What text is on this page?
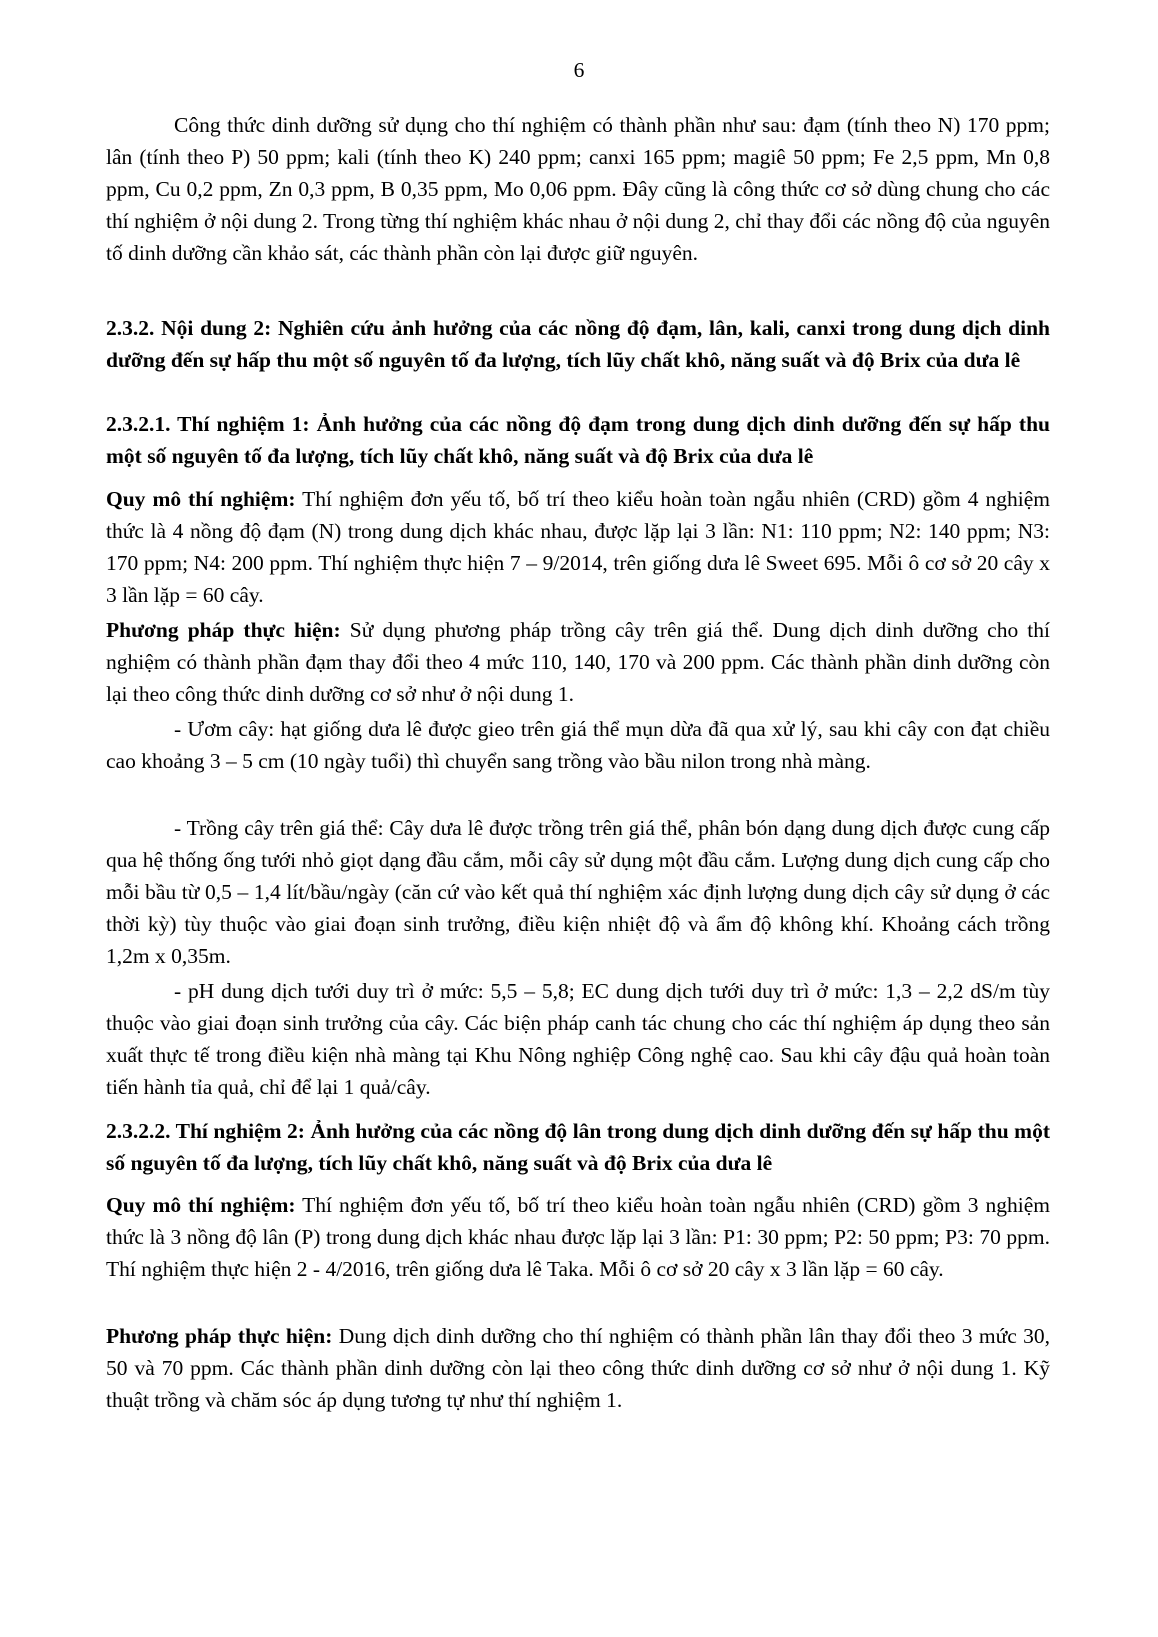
6

Công thức dinh dưỡng sử dụng cho thí nghiệm có thành phần như sau: đạm (tính theo N) 170 ppm; lân (tính theo P) 50 ppm; kali (tính theo K) 240 ppm; canxi 165 ppm; magiê 50 ppm; Fe 2,5 ppm, Mn 0,8 ppm, Cu 0,2 ppm, Zn 0,3 ppm, B 0,35 ppm, Mo 0,06 ppm. Đây cũng là công thức cơ sở dùng chung cho các thí nghiệm ở nội dung 2. Trong từng thí nghiệm khác nhau ở nội dung 2, chỉ thay đổi các nồng độ của nguyên tố dinh dưỡng cần khảo sát, các thành phần còn lại được giữ nguyên.

2.3.2. Nội dung 2: Nghiên cứu ảnh hưởng của các nồng độ đạm, lân, kali, canxi trong dung dịch dinh dưỡng đến sự hấp thu một số nguyên tố đa lượng, tích lũy chất khô, năng suất và độ Brix của dưa lê

2.3.2.1. Thí nghiệm 1: Ảnh hưởng của các nồng độ đạm trong dung dịch dinh dưỡng đến sự hấp thu một số nguyên tố đa lượng, tích lũy chất khô, năng suất và độ Brix của dưa lê

Quy mô thí nghiệm: Thí nghiệm đơn yếu tố, bố trí theo kiểu hoàn toàn ngẫu nhiên (CRD) gồm 4 nghiệm thức là 4 nồng độ đạm (N) trong dung dịch khác nhau, được lặp lại 3 lần: N1: 110 ppm; N2: 140 ppm; N3: 170 ppm; N4: 200 ppm. Thí nghiệm thực hiện 7 – 9/2014, trên giống dưa lê Sweet 695. Mỗi ô cơ sở 20 cây x 3 lần lặp = 60 cây.

Phương pháp thực hiện: Sử dụng phương pháp trồng cây trên giá thể. Dung dịch dinh dưỡng cho thí nghiệm có thành phần đạm thay đổi theo 4 mức 110, 140, 170 và 200 ppm. Các thành phần dinh dưỡng còn lại theo công thức dinh dưỡng cơ sở như ở nội dung 1.

- Ươm cây: hạt giống dưa lê được gieo trên giá thể mụn dừa đã qua xử lý, sau khi cây con đạt chiều cao khoảng 3 – 5 cm (10 ngày tuổi) thì chuyển sang trồng vào bầu nilon trong nhà màng.

- Trồng cây trên giá thể: Cây dưa lê được trồng trên giá thể, phân bón dạng dung dịch được cung cấp qua hệ thống ống tưới nhỏ giọt dạng đầu cắm, mỗi cây sử dụng một đầu cắm. Lượng dung dịch cung cấp cho mỗi bầu từ 0,5 – 1,4 lít/bầu/ngày (căn cứ vào kết quả thí nghiệm xác định lượng dung dịch cây sử dụng ở các thời kỳ) tùy thuộc vào giai đoạn sinh trưởng, điều kiện nhiệt độ và ẩm độ không khí. Khoảng cách trồng 1,2m x 0,35m.

- pH dung dịch tưới duy trì ở mức: 5,5 – 5,8; EC dung dịch tưới duy trì ở mức: 1,3 – 2,2 dS/m tùy thuộc vào giai đoạn sinh trưởng của cây. Các biện pháp canh tác chung cho các thí nghiệm áp dụng theo sản xuất thực tế trong điều kiện nhà màng tại Khu Nông nghiệp Công nghệ cao. Sau khi cây đậu quả hoàn toàn tiến hành tỉa quả, chỉ để lại 1 quả/cây.

2.3.2.2. Thí nghiệm 2: Ảnh hưởng của các nồng độ lân trong dung dịch dinh dưỡng đến sự hấp thu một số nguyên tố đa lượng, tích lũy chất khô, năng suất và độ Brix của dưa lê

Quy mô thí nghiệm: Thí nghiệm đơn yếu tố, bố trí theo kiểu hoàn toàn ngẫu nhiên (CRD) gồm 3 nghiệm thức là 3 nồng độ lân (P) trong dung dịch khác nhau được lặp lại 3 lần: P1: 30 ppm; P2: 50 ppm; P3: 70 ppm. Thí nghiệm thực hiện 2 - 4/2016, trên giống dưa lê Taka. Mỗi ô cơ sở 20 cây x 3 lần lặp = 60 cây.

Phương pháp thực hiện: Dung dịch dinh dưỡng cho thí nghiệm có thành phần lân thay đổi theo 3 mức 30, 50 và 70 ppm. Các thành phần dinh dưỡng còn lại theo công thức dinh dưỡng cơ sở như ở nội dung 1. Kỹ thuật trồng và chăm sóc áp dụng tương tự như thí nghiệm 1.
